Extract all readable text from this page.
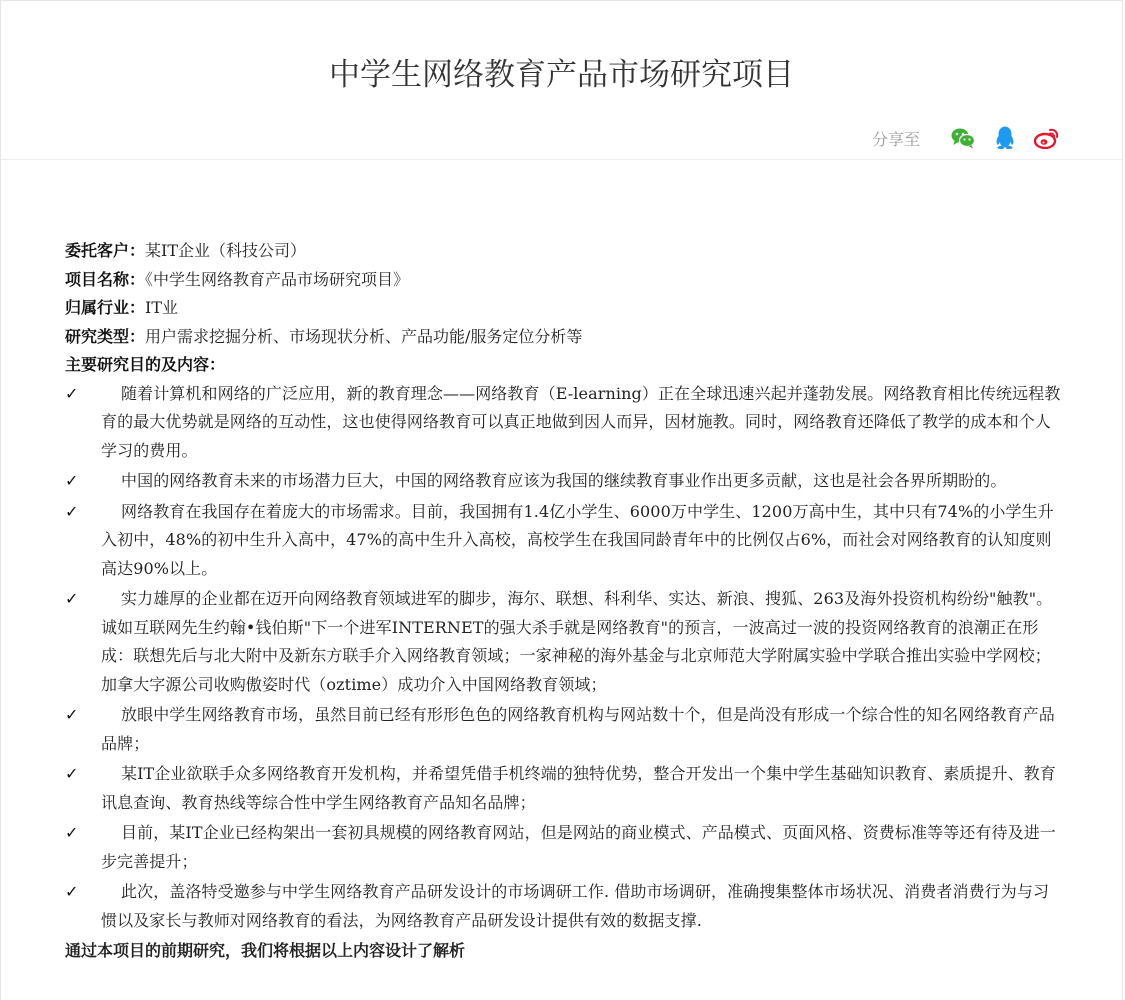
中学生网络教育产品市场研究项目
分享至

委托客户：某IT企业（科技公司）

项目名称：《中学生网络教育产品市场研究项目》

归属行业：IT业

研究类型：用户需求挖掘分析、市场现状分析、产品功能/服务定位分析等

主要研究目的及内容：

✓	随着计算机和网络的广泛应用，新的教育理念——网络教育（E-learning）正在全球迅速兴起并蓬勃发展。网络教育相比传统远程教育的最大优势就是网络的互动性，这也使得网络教育可以真正地做到因人而异，因材施教。同时，网络教育还降低了教学的成本和个人学习的费用。
✓	中国的网络教育未来的市场潜力巨大，中国的网络教育应该为我国的继续教育事业作出更多贡献，这也是社会各界所期盼的。
✓	网络教育在我国存在着庞大的市场需求。目前，我国拥有1.4亿小学生、6000万中学生、1200万高中生，其中只有74%的小学生升入初中，48%的初中生升入高中，47%的高中生升入高校，高校学生在我国同龄青年中的比例仅占6%，而社会对网络教育的认知度则高达90%以上。
✓	实力雄厚的企业都在迈开向网络教育领域进军的脚步，海尔、联想、科利华、实达、新浪、搜狐、263及海外投资机构纷纷"触教"。 诚如互联网先生约翰•钱伯斯"下一个进军INTERNET的强大杀手就是网络教育"的预言，一波高过一波的投资网络教育的浪潮正在形成：联想先后与北大附中及新东方联手介入网络教育领域；一家神秘的海外基金与北京师范大学附属实验中学联合推出实验中学网校；加拿大字源公司收购傲姿时代（oztime）成功介入中国网络教育领域；
✓	放眼中学生网络教育市场，虽然目前已经有形形色色的网络教育机构与网站数十个，但是尚没有形成一个综合性的知名网络教育产品品牌；
✓	某IT企业欲联手众多网络教育开发机构，并希望凭借手机终端的独特优势，整合开发出一个集中学生基础知识教育、素质提升、教育讯息查询、教育热线等综合性中学生网络教育产品知名品牌；
✓	目前，某IT企业已经构架出一套初具规模的网络教育网站，但是网站的商业模式、产品模式、页面风格、资费标准等等还有待及进一步完善提升；
✓	此次，盖洛特受邀参与中学生网络教育产品研发设计的市场调研工作. 借助市场调研，准确搜集整体市场状况、消费者消费行为与习惯以及家长与教师对网络教育的看法，为网络教育产品研发设计提供有效的数据支撑.

通过本项目的前期研究，我们将根据以上内容设计了解析
